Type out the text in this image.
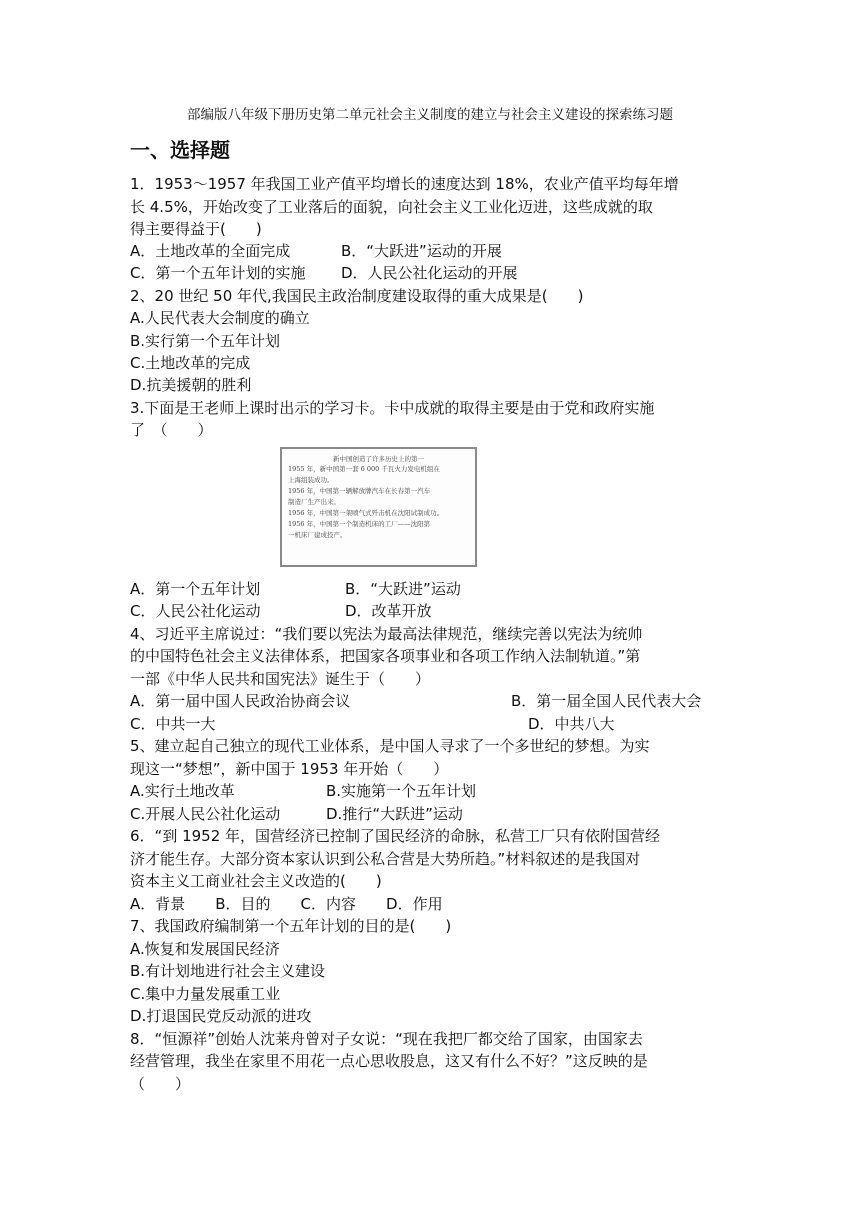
部编版八年级下册历史第二单元社会主义制度的建立与社会主义建设的探索练习题
一、选择题
1．1953～1957 年我国工业产值平均增长的速度达到 18%，农业产值平均每年增
长 4.5%，开始改变了工业落后的面貌，向社会主义工业化迈进，这些成就的取
得主要得益于(　　)
A．土地改革的全面完成	B．“大跃进”运动的开展
C．第一个五年计划的实施 D．人民公社化运动的开展
2、20 世纪 50 年代,我国民主政治制度建设取得的重大成果是(　　)
A.人民代表大会制度的确立
B.实行第一个五年计划
C.土地改革的完成
D.抗美援朝的胜利
3.下面是王老师上课时出示的学习卡。卡中成就的取得主要是由于党和政府实施
了　（　　）
新中国创造了许多历史上的第一
1955 年，新中国第一套 6 000 千瓦火力发电机组在
上海组装成功。
1956 年，中国第一辆解放牌汽车在长春第一汽车
制造厂生产出来。
1956 年，中国第一架喷气式歼击机在沈阳试制成功。
1956 年，中国第一个制造机床的工厂——沈阳第
一机床厂建成投产。
A．第一个五年计划	B．“大跃进”运动
C．人民公社化运动	D．改革开放
4、习近平主席说过：“我们要以宪法为最高法律规范，继续完善以宪法为统帅
的中国特色社会主义法律体系，把国家各项事业和各项工作纳入法制轨道。”第
一部《中华人民共和国宪法》诞生于（　　）
A．第一届中国人民政治协商会议	B．第一届全国人民代表大会
C．中共一大	D．中共八大
5、建立起自己独立的现代工业体系，是中国人寻求了一个多世纪的梦想。为实
现这一“梦想”，新中国于 1953 年开始（　　）
A.实行土地改革	B.实施第一个五年计划
C.开展人民公社化运动	D.推行“大跃进”运动
6．“到 1952 年，国营经济已控制了国民经济的命脉，私营工厂只有依附国营经
济才能生存。大部分资本家认识到公私合营是大势所趋。”材料叙述的是我国对
资本主义工商业社会主义改造的(　　)
A．背景　　B．目的　　C．内容　　D．作用
7、我国政府编制第一个五年计划的目的是(　　)
A.恢复和发展国民经济
B.有计划地进行社会主义建设
C.集中力量发展重工业
D.打退国民党反动派的进攻
8．“恒源祥”创始人沈莱舟曾对子女说：“现在我把厂都交给了国家，由国家去
经营管理，我坐在家里不用花一点心思收股息，这又有什么不好？”这反映的是
（　　）
